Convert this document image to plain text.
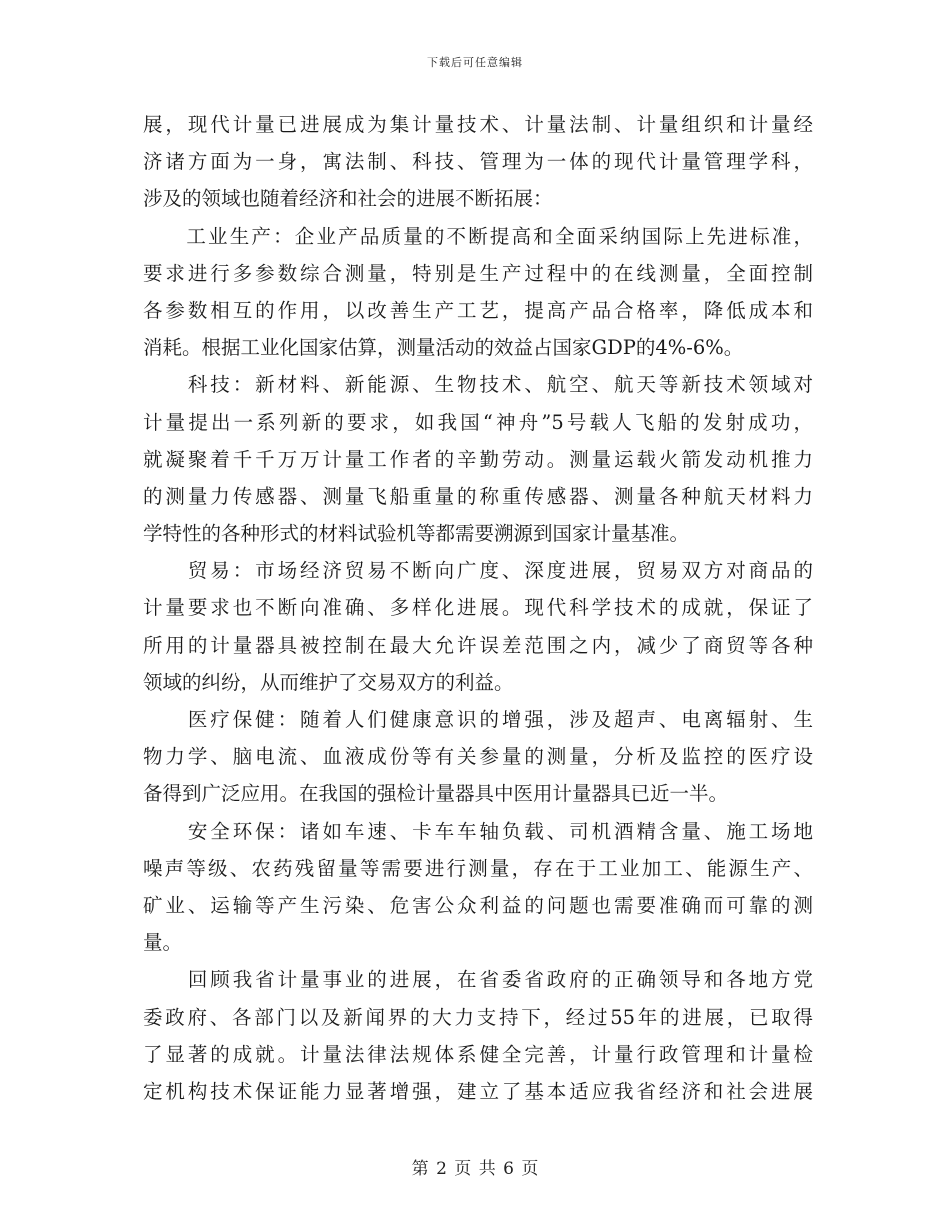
下载后可任意编辑
展，现代计量已进展成为集计量技术、计量法制、计量组织和计量经
济诸方面为一身，寓法制、科技、管理为一体的现代计量管理学科，
涉及的领域也随着经济和社会的进展不断拓展：
　　工业生产：企业产品质量的不断提高和全面采纳国际上先进标准，
要求进行多参数综合测量，特别是生产过程中的在线测量，全面控制
各参数相互的作用，以改善生产工艺，提高产品合格率，降低成本和
消耗。根据工业化国家估算，测量活动的效益占国家GDP的4%-6%。
　　科技：新材料、新能源、生物技术、航空、航天等新技术领域对
计量提出一系列新的要求，如我国“神舟”5号载人飞船的发射成功，
就凝聚着千千万万计量工作者的辛勤劳动。测量运载火箭发动机推力
的测量力传感器、测量飞船重量的称重传感器、测量各种航天材料力
学特性的各种形式的材料试验机等都需要溯源到国家计量基准。
　　贸易：市场经济贸易不断向广度、深度进展，贸易双方对商品的
计量要求也不断向准确、多样化进展。现代科学技术的成就，保证了
所用的计量器具被控制在最大允许误差范围之内，减少了商贸等各种
领域的纠纷，从而维护了交易双方的利益。
　　医疗保健：随着人们健康意识的增强，涉及超声、电离辐射、生
物力学、脑电流、血液成份等有关参量的测量，分析及监控的医疗设
备得到广泛应用。在我国的强检计量器具中医用计量器具已近一半。
　　安全环保：诸如车速、卡车车轴负载、司机酒精含量、施工场地
噪声等级、农药残留量等需要进行测量，存在于工业加工、能源生产、
矿业、运输等产生污染、危害公众利益的问题也需要准确而可靠的测
量。
　　回顾我省计量事业的进展，在省委省政府的正确领导和各地方党
委政府、各部门以及新闻界的大力支持下，经过55年的进展，已取得
了显著的成就。计量法律法规体系健全完善，计量行政管理和计量检
定机构技术保证能力显著增强，建立了基本适应我省经济和社会进展
第 2 页 共 6 页
